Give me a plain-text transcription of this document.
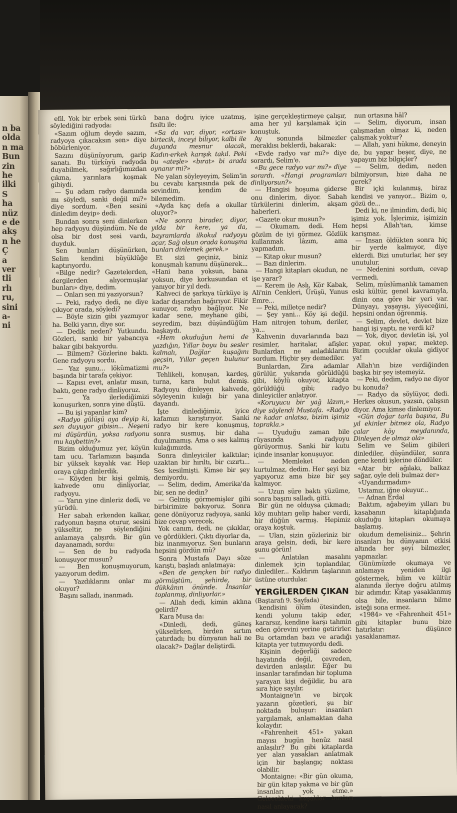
n ba
olda
n ma
Bun
zin
he
ilki
S
ha
nüz
e de
akş
n he
Ç
a
ver
tli
rlı
ru,
sini
a-
ni

efil. Yok bir erbek seni türkü söylediğini radyoda:

«Sazım oğlum deyde sazım, radyoya çıkacaksın sen» diye böbürleniyor.

Sazını düşünüyorum, garip sanatı. Bu türküyü radyoda duyabilmek, sağırlığımızdan çıkma, yarınlara koşmak gibiydi.

— Şu adam radyo damında mı söyledi, sanki değil mi?» diye sordum. «Ben sesini dinledim deyip» dedi.

Bundan sonra seni dinlerken hep radyoyu düşündüm. Ne de olsa bir dost sesi vardı, duyduk.

Sen bunları düşünürken, Selim kendini büyüklüğe kaptırıyordu.

«Bilge nedir? Gazetelerden, dergilerden alıyormuşlar bunları» diye, dedim.

— Onları sen mi yazıyorsun?

— Peki, radyo dedi, ne diye çıkıyor orada, söyledi?

— Böyle sizin gibi yazmıyor ha. Belki yarın, diye sor.

— Dedik neden? Yutkundu. Gözleri, sanki bir yabancıya bakar gibi bakıyordu.

— Bilmem? Gözlerine baktı. Gene radyoyu sordu.

— Yaz şunu... lökümatizmi başında bir tarafa çekiyor.

— Kapısı evet, anlatır mısın, baktı, gene radyo dinliyoruz.

— Ya ilerlediğimizi konuşurken, sonra yine düştü.

— Bu işi yapanlar kim?

«Radyo gülüşü aya deyip ki, sen duyuyor gibisin... Neşeni mi düşürdün, yoksa radyonu mu kaybettin?»

Bizim olduğumuz yer, köyün tam ucu. Tarlamızın başında bir yüksek kayalık var. Hep oraya çıkıp dinlerdik.

— Köyden bir kişi gelmiş, kahvede onu dinliyorlar, radyoyu.

— Yarın yine dinleriz dedi, ve yürüdü.

Her sabah erkenden kalkar, radyonun başına oturur, sesini yükseltir, ne söylendiğini anlamaya çalışırdı. Bir gün dayanamadı, sordu:

— Sen de bu radyoda konuşuyor musun?

— Ben konuşmuyorum, yazıyorum dedim.

— Yazdıklarını onlar mı okuyor?

Başını salladı, inanmadı.

bana doğru iyice uzatmış, fısıltı ile:

«Sa da var, diyor, «ortası» birtecik, inceyi biliyor, kalbi ile duyanda mesnur olacak, Kadın-erkek karışık takıl. Peki bu «ateşle» «bırat» bi arada oynanır mi?»

Ne yalan söyleyeyim, Selim'in bu cevabı karşısında pek de sevindim, kendim de bilemedim.

«Ayda kaç defa a okullar oluyor?»

«Ne sonra birader, diyor, yılda bir kere, ya da, bayramlarda ilkokul radyoyu açar, Sağ olsun orada konuşma bunları dinlemek gerek.»

Et sizi geçiniz, biniz konuşmalı kanunu düşünerek... «Hani bana yoksun, bana yoksun, diye korkusundan et yanıyor bir yıl dedi.

Kahveci de şarkıya türküye iş kadar dışarıdan bağırıyor. Fikir sunuyor, radyo bağlıyor. Ne kadar sene, meyhane gibi, seyredim, bazı düşündüğüm başkaydı.

«Hem okuduğun hemi de yazdığın, Yıllar boyu bu sesler kalmalı, Dağlar kuşağını geçsin, Yıllar geçen bulunur mu?»

Tehlikeli, konuşan, kardeş, turna, kara bulut demiş. Radyoyu dinleyen kahvede, söyleyenin kulağı bir yana dayandı.

İşte dinlediğimiz, iyice kafamızı karıştırıyor. Sanki radyo bir kere konuşmuş, sonra susmuş, bir daha duyulmamış. Ama o ses kalmış kulağımızda.

Sonra dinleyiciler kalktılar; uzaktan bir hırıltı, bir cızırtı... Ses kesilmişti. Kimse bir şey demiyordu.

— Selim, dedim, Amerika'da bir, sen ne dedin?

— Gelmiş görmemişler gibi birbirimize bakıyoruz. Sonra gene dönüyoruz radyoya, sanki bize cevap verecek.

Yok canım, dedi, ne çıkıklar, ve gördükleri. Çıktı diyorlar da, biz inanmıyoruz. Sen bunların hepsini gördün mü?

Sonra Mustafa Dayı söze karıştı, başladı anlatmaya:

«Ben de gençken bir radyo görmüştüm, şehirde, bir dükkânın önünde. İnsanlar toplanmış, dinliyorlar.»

— Allah dedi, kimin aklına gelirdi?

Kara Musa da:

«Dinledi, dedi, güneş yükselirken, birden sırtım çatırdadı; bu dünyanın hali ne olacak?» Dağlar deliştirdi.

işine gerçekleştirmeye çalışır, ama her yıl karşılamak için konuştuk.

Ay sonunda bilmezler meraklısı beklerdi, bakarak:

«Evde radyo var mı?» diye sorardı, Selim'e.

«Bu gece radyo var mı?» diye sorardı. «Hangi programları dinliyorsun?»

— Hangisi hoşuma giderse onu dinlerim, diyor. Sabah türkülerini dinlerim, akşam haberleri.

«Gazete okur musun?»

— Okumam, dedi. Hem gözüm de iyi görmez. Gözlük kullanmak lâzım, ama yapmadım.

— Kitap okur musun?

— Bazı dinlerim.

— Hangi kitapları okudun, ne işe yarar?

— Kerem ile Aslı, Kör Kabak, Ali'nin Cenkleri, Ürüşü, Yunus Emre...

— Peki, milletçe nedir?

— Şey yani... Köy işi değil. Ham nitrojen tohum, deriler, ya...

Kahvenin duvarlarında bazı resimler, haritalar, afişler. Bunlardan ne anladıklarını sordum. Hiçbir şey demediler.

Bunlardan, Zira adamlar görülür, yukarıda görüldüğü gibi, köylü okuyor, kitapta görüldüğü gibi; radyo dinleyiciler anlatıyor.

«Koruyucu bir yağ lâzım,» diye söylendi Mustafa. «Radyo ne kadar anlatsa, bizim işimiz toprakla.»

— Uyuduğu zaman bile rüyasında radyoyu görüyormuş. Sanki bir kutu içinde insanlar konuşuyor.

— Memleket neden kurtulmaz, dedim. Her şeyi biz yapıyoruz ama bize bir şey kalmıyor.

— Uzun süre baktı yüzüme, sonra başını salladı, gitti.

Bir gün ne olduysa çıkmadı; köy muhtarı gelip haber verdi, bir düğün varmış. Hepimiz oraya koştuk.

— Ulan, sizin gözleriniz bir araya gelsin, dedi, bir kere şunu görün!

— Anlatılan masalını dinlemek için toplandılar, dinlediler... Kaldırım taşlarının üstüne oturdular.

YERGİLERDEN ÇIKAN

(Baştarafı 9. Sayfada)

kendisini ölüm ötesinden, kendi yolunu takip eder, kararsız, kendine karşı tahmin eden görevini yerine getirirler. Bu ortamdan bazı ve aradığı kitapta yer tutmuyordu dedi.

Kişinin değerliği sadece hayatında değil, çevreden, devirden anlaşılır. Eğer bu insanlar tarafından bir topluma yarayan kişi değildir, bu ara sıra hiçe sayılır.

Montaigne'in ve birçok yazarın gözetleri, şu bir noktada buluşur: insanları yargılamak, anlamaktan daha kolaydır.

«Fahrenheit 451» yakan mayısı bugün henüz nasıl anlaşılır? Bu gibi kitaplarda yer alan yasakları anlatmak için bir başlangıç noktası olabilir.

Montaigne: «Bir gün okuma, bir gün kitap yakma ve bir gün insanları yok etme.» Gelecekteki kuşaklar bunları nasıl anlayacak?

nun ortasına hâl?

— Selim, diyorum, insan çalışmadan olmaz ki, neden çalışmak yoktur?

— Allah, yani hükme, deneyin de, bu yapar beşer, diye, ne yapayım biz bilgiçler?

— Selim, dedim, neden bilmiyorsun, bize daha ne gerek?

Bir içki kulanmış, biraz kendisi ve yanıyor... Bizim o, gözü de...

Dedi ki, ne ilmindim, dedi, hiç işimiz yok. İşlerimiz, işimizin hepsi Allah'tan, kimse karışmaz.

— İnsan öldükten sonra hiç bir yerde kalmıyor, diye eklerdi. Bizi unuturlar, her şey unutulur.

— Nedenini sordum, cevap vermedi.

Selim, müslümanlık tamamen eski kültür, genel kavramıyla, dinin ona göre bir yeri var. Dünyayı, yaşayışı, yiyeceğini, hepsini ondan öğrenmiş.

— Selim, devlet, devlet bize hangi işi yaptı, ne verdi ki?

— Yok, diyor, devletin işi, yol yapar, okul yapar, mektep. Bizim çocuklar okula gidiyor ya!

Allah'ın bize verdiğinden başka bir şey istemeyiz.

— Peki, dedim, radyo ne diyor bu konuda?

— Radyo da söylüyor, dedi. Herkes okusun, yazsın, çalışsın diyor. Ama kimse dinlemiyor.

«Gün doğar tarla başına, Bu yıl ekinler bitmez ola, Radyo çalar köy meydanında, Dinleyen de olmaz ola»

Selim ve Selim gibileri dinlediler, düşündüler, sonra gene kendi işlerine döndüler.

«Atar bir ağılakı, balkaz sağar, oyle deli bulmaz der»

«Uyandırmadım»

Ustamız, iğne okuyur...

— Adnan Erdal

Baktım, ağabeyim yılları bu kasabanın kitaplığında okuduğu kitapları okumaya başlamış.

okudum demelisiniz... Şehrin insanları bu dünyanın etkisi altında her şeyi bilmezler, yapmazlar.

Günümüzde okumaya ve anlamaya yeniden ilgi göstermek, bilim ve kültür alanında ileriye doğru atılmış bir adımdır. Kitap yasaklanmış olsa bile, insanların bilme isteği sona ermez.

«1984» ve «Fahrenheit 451» gibi kitaplar bunu bize hatırlatır: düşünce yasaklanamaz.
